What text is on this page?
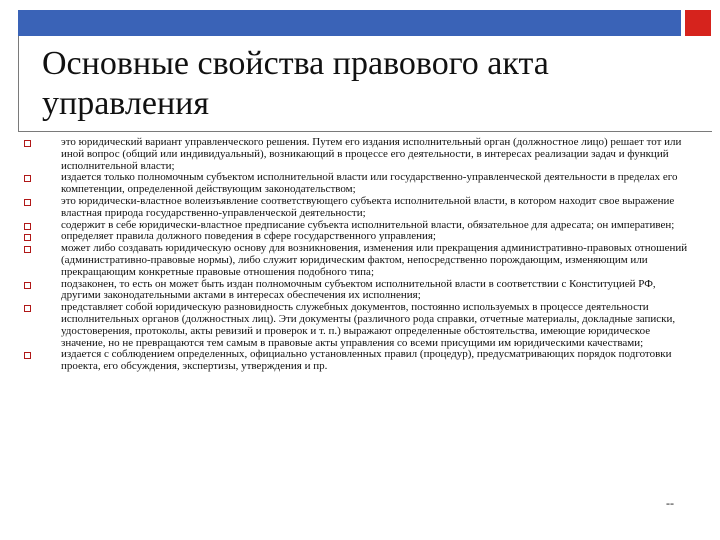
Основные свойства правового акта управления
это юридический вариант управленческого решения. Путем его издания исполнительный орган (должностное лицо) решает тот или иной вопрос (общий или индивидуальный), возникающий в процессе его деятельности, в интересах реализации задач и функций исполнительной власти;
издается только полномочным субъектом исполнительной власти или государственно-управленческой деятельности в пределах его компетенции, определенной действующим законодательством;
это юридически-властное волеизъявление соответствующего субъекта исполнительной власти, в котором находит свое выражение властная природа государственно-управленческой деятельности;
содержит в себе юридически-властное предписание субъекта исполнительной власти, обязательное для адресата; он императивен;
определяет правила должного поведения в сфере государственного управления;
может либо создавать юридическую основу для возникновения, изменения или прекращения административно-правовых отношений (административно-правовые нормы), либо служит юридическим фактом, непосредственно порождающим, изменяющим или прекращающим конкретные правовые отношения подобного типа;
подзаконен, то есть он может быть издан полномочным субъектом исполнительной власти в соответствии с Конституцией РФ, другими законодательными актами в интересах обеспечения их исполнения;
представляет собой юридическую разновидность служебных документов, постоянно используемых в процессе деятельности исполнительных органов (должностных лиц). Эти документы (различного рода справки, отчетные материалы, докладные записки, удостоверения, протоколы, акты ревизий и проверок и т. п.) выражают определенные обстоятельства, имеющие юридическое значение, но не превращаются тем самым в правовые акты управления со всеми присущими им юридическими качествами;
издается с соблюдением определенных, официально установленных правил (процедур), предусматривающих порядок подготовки проекта, его обсуждения, экспертизы, утверждения и пр.
--
